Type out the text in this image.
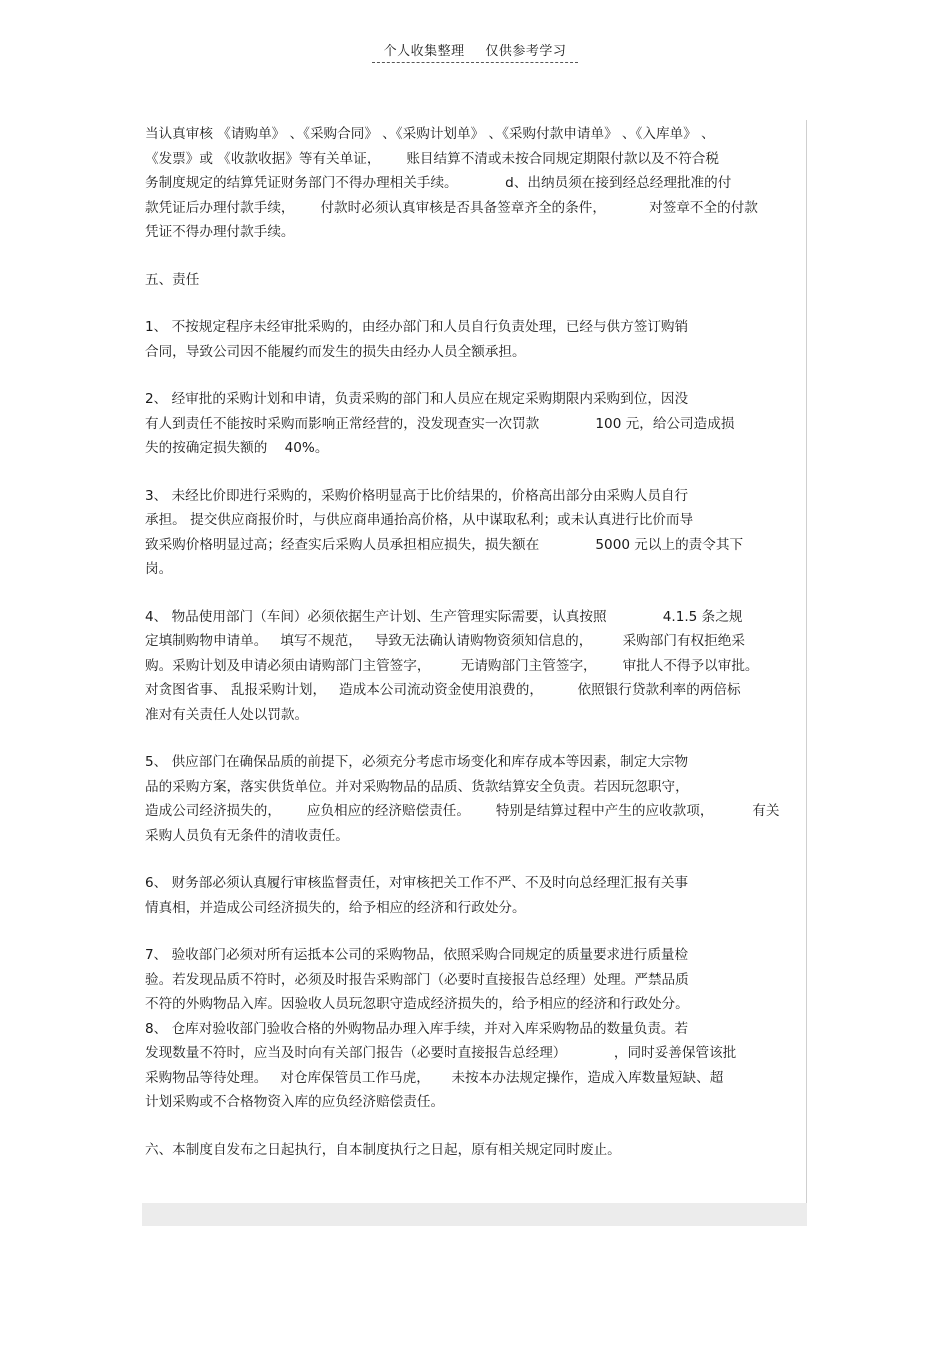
个人收集整理 仅供参考学习
当认真审核 《请购单》 、《采购合同》 、《采购计划单》 、《采购付款申请单》 、《入库单》 、
《发票》或 《收款收据》等有关单证，      账目结算不清或未按合同规定期限付款以及不符合税
务制度规定的结算凭证财务部门不得办理相关手续。           d、出纳员须在接到经总经理批准的付
款凭证后办理付款手续，      付款时必须认真审核是否具备签章齐全的条件，          对签章不全的付款
凭证不得办理付款手续。
五、责任
1、 不按规定程序未经审批采购的，由经办部门和人员自行负责处理，已经与供方签订购销
合同，导致公司因不能履约而发生的损失由经办人员全额承担。
2、 经审批的采购计划和申请，负责采购的部门和人员应在规定采购期限内采购到位，因没
有人到责任不能按时采购而影响正常经营的，没发现查实一次罚款             100 元，给公司造成损
失的按确定损失额的    40%。
3、 未经比价即进行采购的，采购价格明显高于比价结果的，价格高出部分由采购人员自行
承担。 提交供应商报价时，与供应商串通抬高价格，从中谋取私利；或未认真进行比价而导
致采购价格明显过高；经查实后采购人员承担相应损失，损失额在             5000 元以上的责令其下
岗。
4、 物品使用部门（车间）必须依据生产计划、生产管理实际需要，认真按照             4.1.5 条之规
定填制购物申请单。   填写不规范，   导致无法确认请购物资须知信息的，       采购部门有权拒绝采
购。采购计划及申请必须由请购部门主管签字，       无请购部门主管签字，      审批人不得予以审批。
对贪图省事、 乱报采购计划，   造成本公司流动资金使用浪费的，        依照银行贷款利率的两倍标
准对有关责任人处以罚款。
5、 供应部门在确保品质的前提下，必须充分考虑市场变化和库存成本等因素，制定大宗物
品的采购方案，落实供货单位。并对采购物品的品质、货款结算安全负责。若因玩忽职守，
造成公司经济损失的，      应负相应的经济赔偿责任。      特别是结算过程中产生的应收款项，         有关
采购人员负有无条件的清收责任。
6、 财务部必须认真履行审核监督责任，对审核把关工作不严、不及时向总经理汇报有关事
情真相，并造成公司经济损失的，给予相应的经济和行政处分。
7、 验收部门必须对所有运抵本公司的采购物品，依照采购合同规定的质量要求进行质量检
验。若发现品质不符时，必须及时报告采购部门（必要时直接报告总经理）处理。严禁品质
不符的外购物品入库。因验收人员玩忽职守造成经济损失的，给予相应的经济和行政处分。
8、 仓库对验收部门验收合格的外购物品办理入库手续，并对入库采购物品的数量负责。若
发现数量不符时，应当及时向有关部门报告（必要时直接报告总经理）           ，同时妥善保管该批
采购物品等待处理。   对仓库保管员工作马虎，     未按本办法规定操作，造成入库数量短缺、超
计划采购或不合格物资入库的应负经济赔偿责任。
六、本制度自发布之日起执行，自本制度执行之日起，原有相关规定同时废止。
